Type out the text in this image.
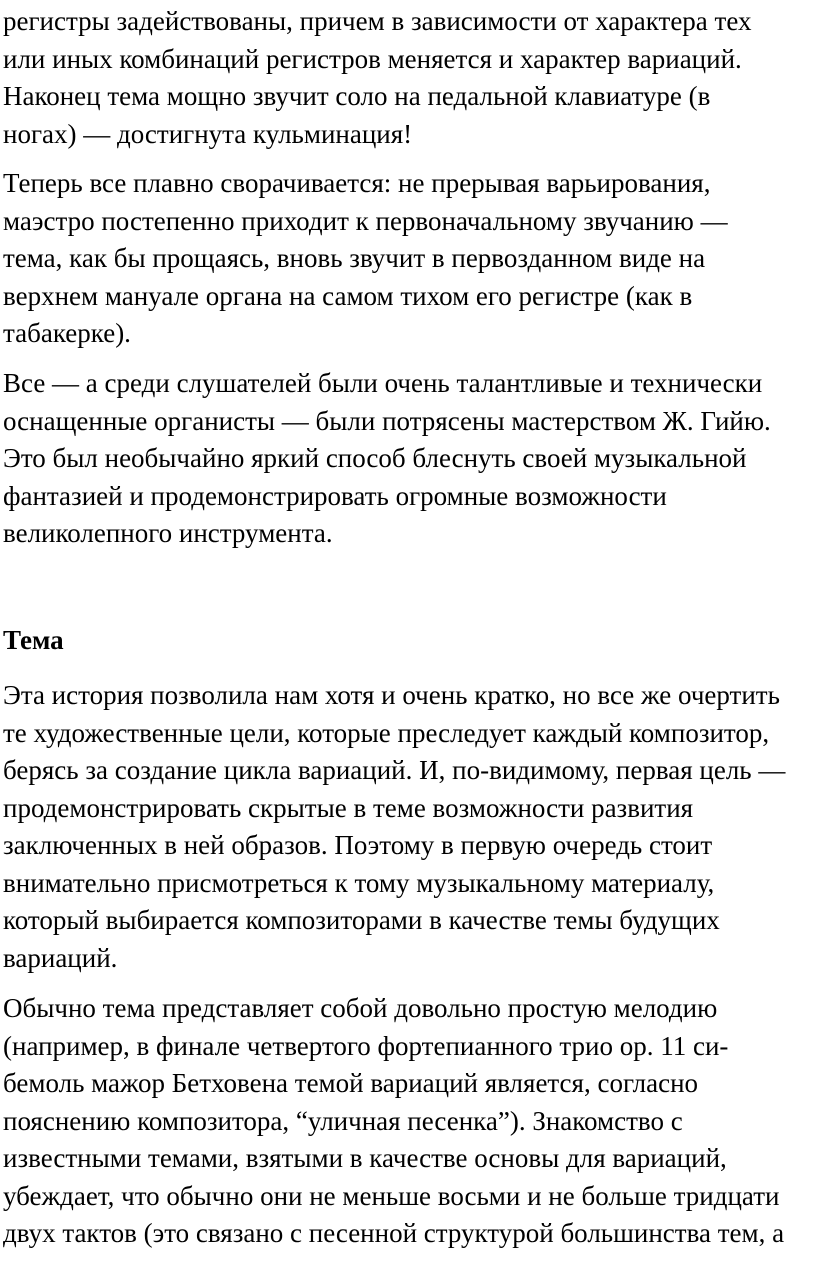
регистры задействованы, причем в зависимости от характера тех
или иных комбинаций регистров меняется и характер вариаций.
Наконец тема мощно звучит соло на педальной клавиатуре (в
ногах) — достигнута кульминация!

Теперь все плавно сворачивается: не прерывая варьирования,
маэстро постепенно приходит к первоначальному звучанию —
тема, как бы прощаясь, вновь звучит в первозданном виде на
верхнем мануале органа на самом тихом его регистре (как в
табакерке).

Все — а среди слушателей были очень талантливые и технически
оснащенные органисты — были потрясены мастерством Ж. Гийю.
Это был необычайно яркий способ блеснуть своей музыкальной
фантазией и продемонстрировать огромные возможности
великолепного инструмента.

Тема

Эта история позволила нам хотя и очень кратко, но все же очертить
те художественные цели, которые преследует каждый композитор,
берясь за создание цикла вариаций. И, по-видимому, первая цель —
продемонстрировать скрытые в теме возможности развития
заключенных в ней образов. Поэтому в первую очередь стоит
внимательно присмотреться к тому музыкальному материалу,
который выбирается композиторами в качестве темы будущих
вариаций.

Обычно тема представляет собой довольно простую мелодию
(например, в финале четвертого фортепианного трио ор. 11 си-
бемоль мажор Бетховена темой вариаций является, согласно
пояснению композитора, “уличная песенка”). Знакомство с
известными темами, взятыми в качестве основы для вариаций,
убеждает, что обычно они не меньше восьми и не больше тридцати
двух тактов (это связано с песенной структурой большинства тем, а
